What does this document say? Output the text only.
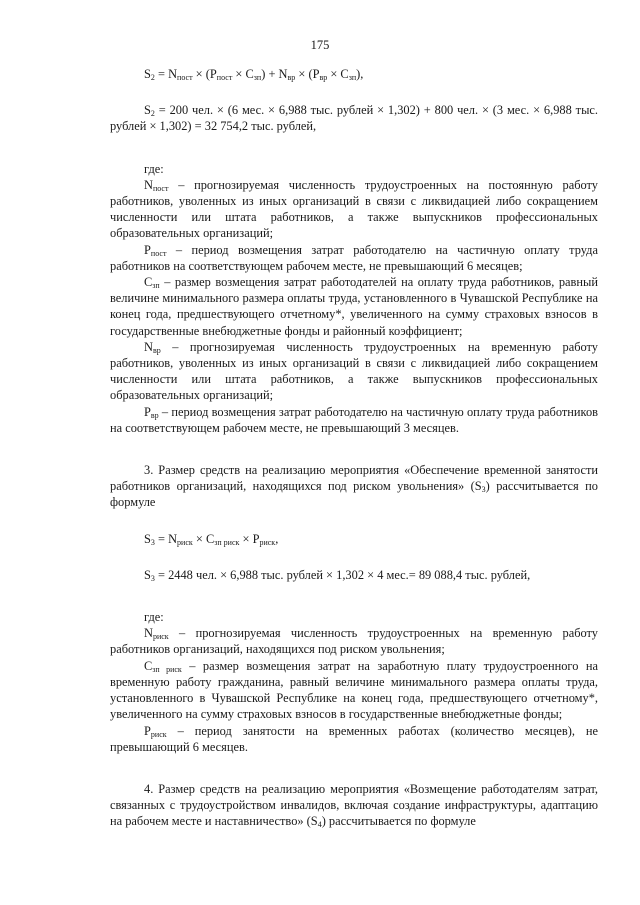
175

$S_2 = N_{пост} \times (P_{пост} \times C_{зп}) + N_{вр} \times (P_{вр} \times C_{зп})$,

$S_2 = 200$ чел. × (6 мес. × 6,988 тыс. рублей × 1,302) + 800 чел. × (3 мес. × 6,988 тыс. рублей × 1,302) = 32 754,2 тыс. рублей,

где:

$N_{пост}$ – прогнозируемая численность трудоустроенных на постоянную работу работников, уволенных из иных организаций в связи с ликвидацией либо сокращением численности или штата работников, а также выпускников профессиональных образовательных организаций;

$P_{пост}$ – период возмещения затрат работодателю на частичную оплату труда работников на соответствующем рабочем месте, не превышающий 6 месяцев;

$C_{зп}$ – размер возмещения затрат работодателей на оплату труда работников, равный величине минимального размера оплаты труда, установленного в Чувашской Республике на конец года, предшествующего отчетному*, увеличенного на сумму страховых взносов в государственные внебюджетные фонды и районный коэффициент;

$N_{вр}$ – прогнозируемая численность трудоустроенных на временную работу работников, уволенных из иных организаций в связи с ликвидацией либо сокращением численности или штата работников, а также выпускников профессиональных образовательных организаций;

$P_{вр}$ – период возмещения затрат работодателю на частичную оплату труда работников на соответствующем рабочем месте, не превышающий 3 месяцев.

3. Размер средств на реализацию мероприятия «Обеспечение временной занятости работников организаций, находящихся под риском увольнения» $(S_3)$ рассчитывается по формуле

$S_3 = N_{риск} \times C_{зп риск} \times P_{риск}$,

$S_3 = 2448$ чел. × 6,988 тыс. рублей × 1,302 × 4 мес.= 89 088,4 тыс. рублей,

где:

$N_{риск}$ – прогнозируемая численность трудоустроенных на временную работу работников организаций, находящихся под риском увольнения;

$C_{зп риск}$ – размер возмещения затрат на заработную плату трудоустроенного на временную работу гражданина, равный величине минимального размера оплаты труда, установленного в Чувашской Республике на конец года, предшествующего отчетному*, увеличенного на сумму страховых взносов в государственные внебюджетные фонды;

$P_{риск}$ – период занятости на временных работах (количество месяцев), не превышающий 6 месяцев.

4. Размер средств на реализацию мероприятия «Возмещение работодателям затрат, связанных с трудоустройством инвалидов, включая создание инфраструктуры, адаптацию на рабочем месте и наставничество» $(S_4)$ рассчитывается по формуле
